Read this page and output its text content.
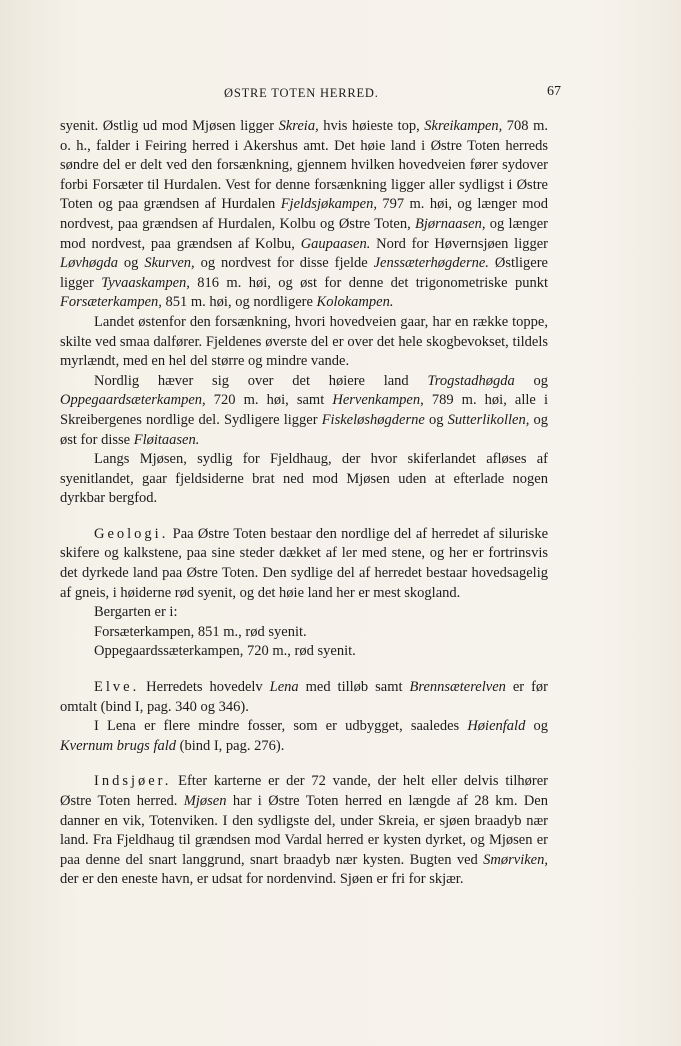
ØSTRE TOTEN HERRED.	67

syenit. Østlig ud mod Mjøsen ligger Skreia, hvis høieste top, Skreikampen, 708 m. o. h., falder i Feiring herred i Akershus amt. Det høie land i Østre Toten herreds søndre del er delt ved den forsænkning, gjennem hvilken hovedveien fører sydover forbi Forsæter til Hurdalen. Vest for denne forsænkning ligger aller sydligst i Østre Toten og paa grændsen af Hurdalen Fjeldsjøkampen, 797 m. høi, og længer mod nordvest, paa grændsen af Hurdalen, Kolbu og Østre Toten, Bjørnaasen, og længer mod nordvest, paa grændsen af Kolbu, Gaupaasen. Nord for Høvernsjøen ligger Løvhøgda og Skurven, og nordvest for disse fjelde Jenssæterhøgderne. Østligere ligger Tyvaaskampen, 816 m. høi, og øst for denne det trigonometriske punkt Forsæterkampen, 851 m. høi, og nordligere Kolokampen.

Landet østenfor den forsænkning, hvori hovedveien gaar, har en række toppe, skilte ved smaa dalfører. Fjeldenes øverste del er over det hele skogbevokset, tildels myrlændt, med en hel del større og mindre vande.

Nordlig hæver sig over det høiere land Trogstadhøgda og Oppegaardsæterkampen, 720 m. høi, samt Hervenkampen, 789 m. høi, alle i Skreibergenes nordlige del. Sydligere ligger Fiskeløshøgderne og Sutterlikollen, og øst for disse Fløitaasen.

Langs Mjøsen, sydlig for Fjeldhaug, der hvor skiferlandet afløses af syenitlandet, gaar fjeldsiderne brat ned mod Mjøsen uden at efterlade nogen dyrkbar bergfod.

Geologi. Paa Østre Toten bestaar den nordlige del af herredet af siluriske skifere og kalkstene, paa sine steder dækket af ler med stene, og her er fortrinsvis det dyrkede land paa Østre Toten. Den sydlige del af herredet bestaar hovedsagelig af gneis, i høiderne rød syenit, og det høie land her er mest skogland.

Bergarten er i:

Forsæterkampen, 851 m., rød syenit.

Oppegaardssæterkampen, 720 m., rød syenit.

Elve. Herredets hovedelv Lena med tilløb samt Brennsæterelven er før omtalt (bind I, pag. 340 og 346).

I Lena er flere mindre fosser, som er udbygget, saaledes Høienfald og Kvernum brugs fald (bind I, pag. 276).

Indsjøer. Efter karterne er der 72 vande, der helt eller delvis tilhører Østre Toten herred. Mjøsen har i Østre Toten herred en længde af 28 km. Den danner en vik, Totenviken. I den sydligste del, under Skreia, er sjøen braadyb nær land. Fra Fjeldhaug til grændsen mod Vardal herred er kysten dyrket, og Mjøsen er paa denne del snart langgrund, snart braadyb nær kysten. Bugten ved Smørviken, der er den eneste havn, er udsat for nordenvind. Sjøen er fri for skjær.
